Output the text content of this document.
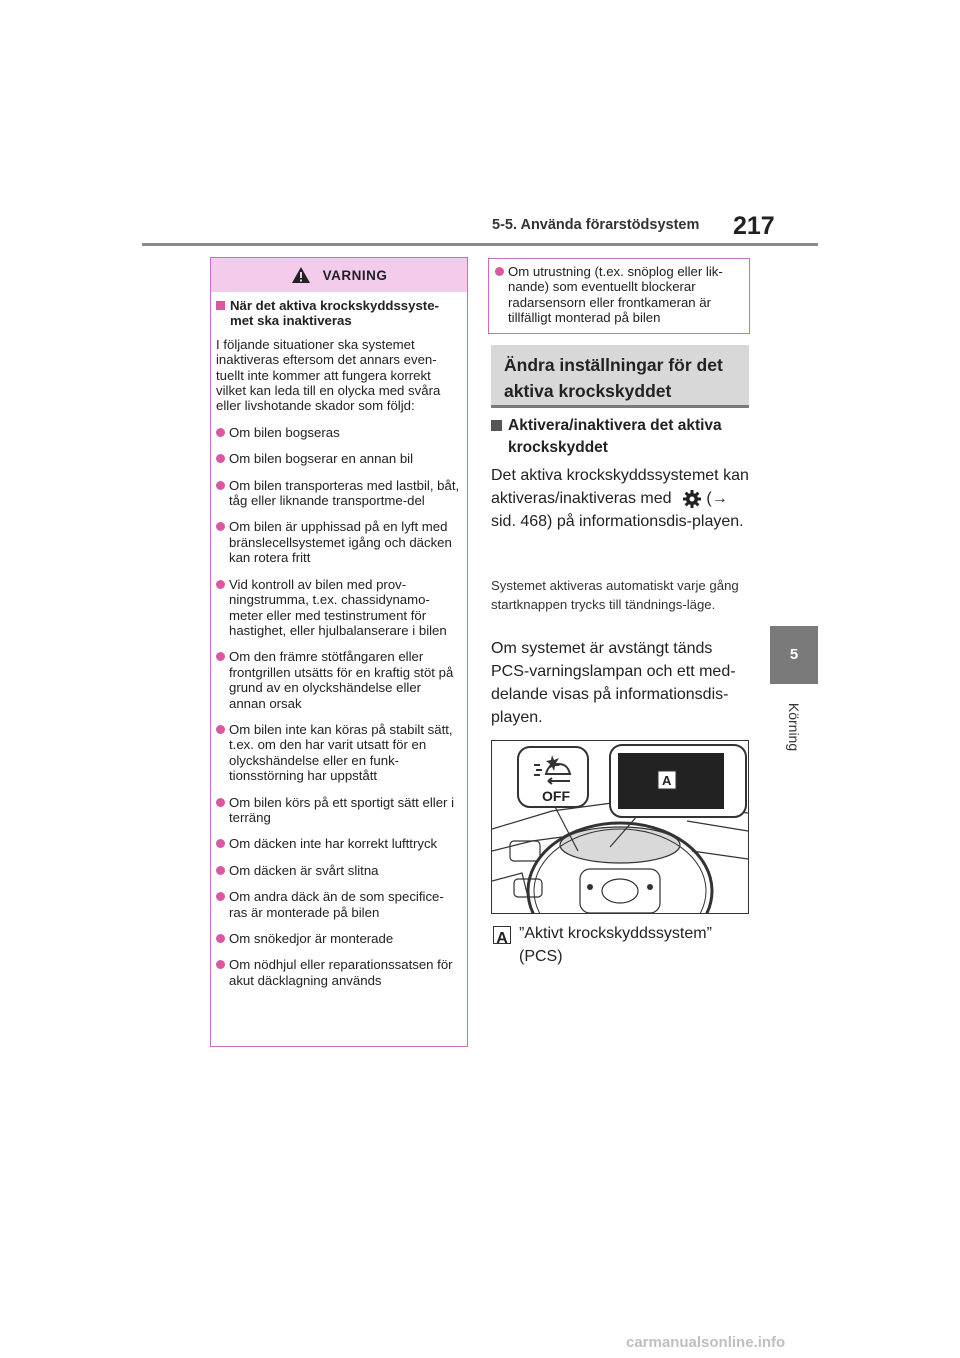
5-5. Använda förarstödsystem 217
5
Körning
VARNING
När det aktiva krockskyddssyste-met ska inaktiveras
I följande situationer ska systemet inaktiveras eftersom det annars even-tuellt inte kommer att fungera korrekt vilket kan leda till en olycka med svåra eller livshotande skador som följd:
Om bilen bogseras
Om bilen bogserar en annan bil
Om bilen transporteras med lastbil, båt, tåg eller liknande transportme-del
Om bilen är upphissad på en lyft med bränslecellsystemet igång och däcken kan rotera fritt
Vid kontroll av bilen med prov-ningstrumma, t.ex. chassidynamo-meter eller med testinstrument för hastighet, eller hjulbalanserare i bilen
Om den främre stötfångaren eller frontgrillen utsätts för en kraftig stöt på grund av en olyckshändelse eller annan orsak
Om bilen inte kan köras på stabilt sätt, t.ex. om den har varit utsatt för en olyckshändelse eller en funk-tionsstörning har uppstått
Om bilen körs på ett sportigt sätt eller i terräng
Om däcken inte har korrekt lufttryck
Om däcken är svårt slitna
Om andra däck än de som specifice-ras är monterade på bilen
Om snökedjor är monterade
Om nödhjul eller reparationssatsen för akut däcklagning används
Om utrustning (t.ex. snöplog eller lik-nande) som eventuellt blockerar radarsensorn eller frontkameran är tillfälligt monterad på bilen
Ändra inställningar för det aktiva krockskyddet
Aktivera/inaktivera det aktiva krockskyddet
Det aktiva krockskyddssystemet kan aktiveras/inaktiveras med (→ sid. 468) på informationsdis-playen.
Systemet aktiveras automatiskt varje gång startknappen trycks till tändnings-läge.
Om systemet är avstängt tänds PCS-varningslampan och ett med-delande visas på informationsdis-playen.
OFF
A
A ”Aktivt krockskyddssystem” (PCS)
carmanualsonline.info
